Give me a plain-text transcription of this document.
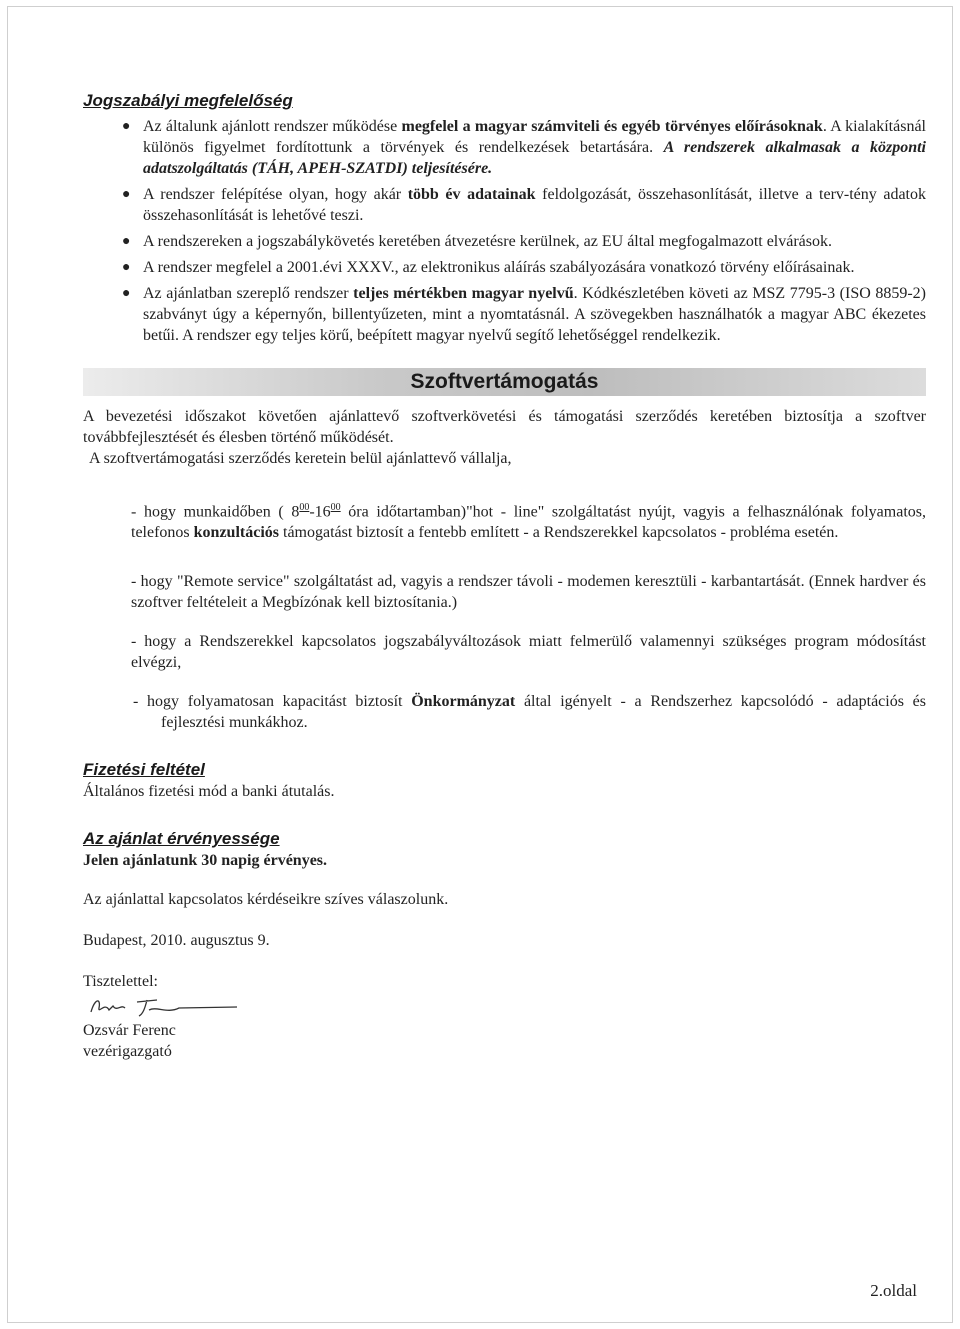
Jogszabályi megfelelőség
● Az általunk ajánlott rendszer működése megfelel a magyar számviteli és egyéb törvényes előírásoknak. A kialakításnál különös figyelmet fordítottunk a törvények és rendelkezések betartására. A rendszerek alkalmasak a központi adatszolgáltatás (TÁH, APEH-SZATDI) teljesítésére.
● A rendszer felépítése olyan, hogy akár több év adatainak feldolgozását, összehasonlítását, illetve a terv-tény adatok összehasonlítását is lehetővé teszi.
● A rendszereken a jogszabálykövetés keretében átvezetésre kerülnek, az EU által megfogalmazott elvárások.
● A rendszer megfelel a 2001.évi XXXV., az elektronikus aláírás szabályozására vonatkozó törvény előírásainak.
● Az ajánlatban szereplő rendszer teljes mértékben magyar nyelvű. Kódkészletében követi az MSZ 7795-3 (ISO 8859-2) szabványt úgy a képernyőn, billentyűzeten, mint a nyomtatásnál. A szövegekben használhatók a magyar ABC ékezetes betűi. A rendszer egy teljes körű, beépített magyar nyelvű segítő lehetőséggel rendelkezik.
Szoftvertámogatás

A bevezetési időszakot követően ajánlattevő szoftverkövetési és támogatási szerződés keretében biztosítja a szoftver továbbfejlesztését és élesben történő működését.

A szoftvertámogatási szerződés keretein belül ajánlattevő vállalja,

- hogy munkaidőben ( $8^{00}-16^{00}$ óra időtartamban)"hot - line" szolgáltatást nyújt, vagyis a felhasználónak folyamatos, telefonos konzultációs támogatást biztosít a fentebb említett - a Rendszerekkel kapcsolatos - probléma esetén.

- hogy "Remote service" szolgáltatást ad, vagyis a rendszer távoli - modemen keresztüli - karbantartását. (Ennek hardver és szoftver feltételeit a Megbízónak kell biztosítania.)

- hogy a Rendszerekkel kapcsolatos jogszabályváltozások miatt felmerülő valamennyi szükséges program módosítást elvégzi,

- hogy folyamatosan kapacitást biztosít Önkormányzat által igényelt - a Rendszerhez kapcsolódó - adaptációs és fejlesztési munkákhoz.

Fizetési feltétel

Általános fizetési mód a banki átutalás.

Az ajánlat érvényessége

Jelen ajánlatunk 30 napig érvényes.

Az ajánlattal kapcsolatos kérdéseikre szíves válaszolunk.

Budapest, 2010. augusztus 9.

Tisztelettel:

Ozsvár Ferenc

vezérigazgató

2.oldal
